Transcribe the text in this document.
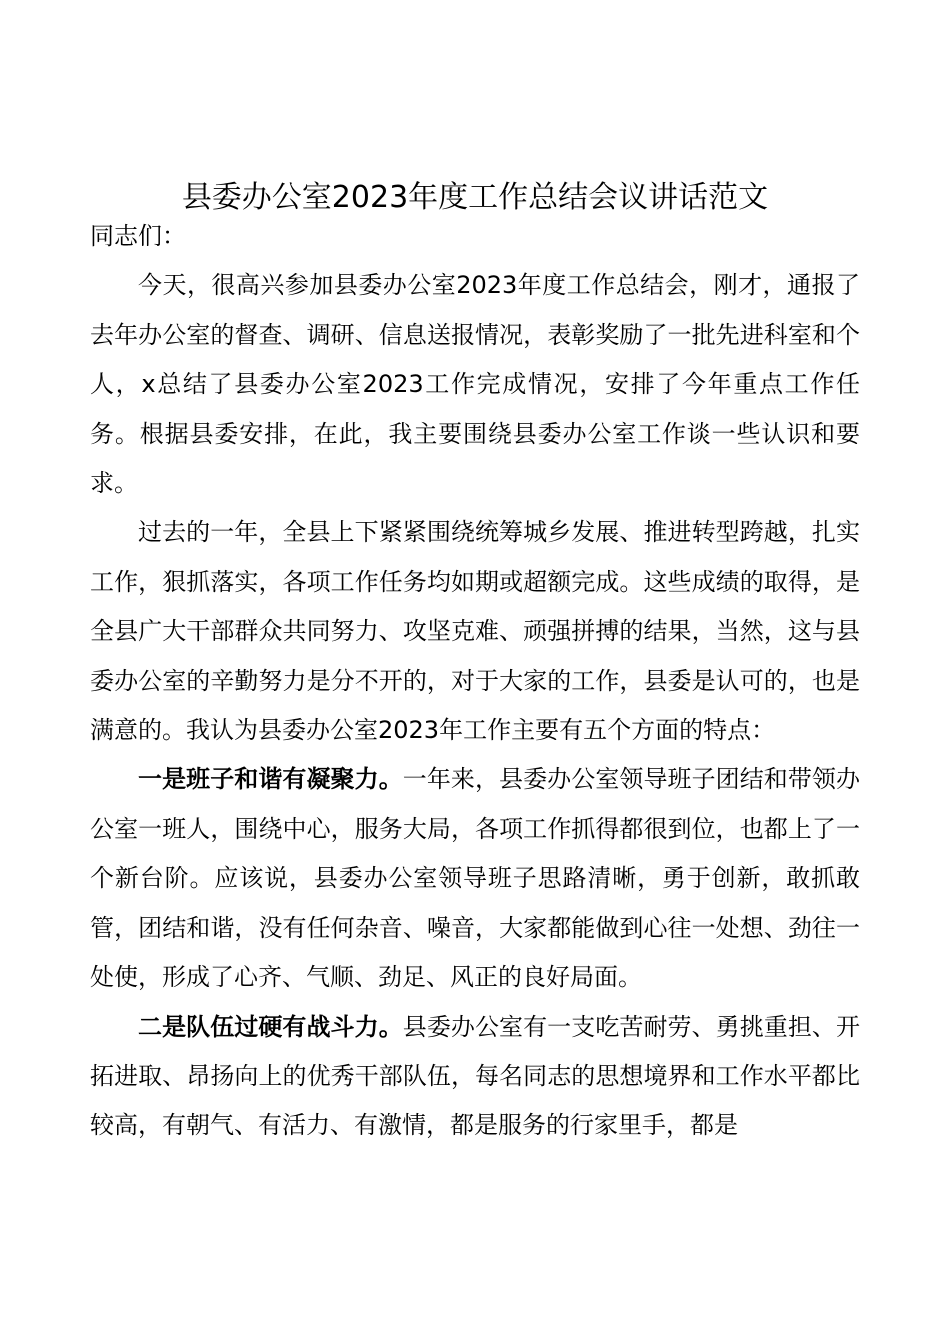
县委办公室2023年度工作总结会议讲话范文

同志们：

今天，很高兴参加县委办公室2023年度工作总结会，刚才，通报了去年办公室的督查、调研、信息送报情况，表彰奖励了一批先进科室和个人，x总结了县委办公室2023工作完成情况，安排了今年重点工作任务。根据县委安排，在此，我主要围绕县委办公室工作谈一些认识和要求。

过去的一年，全县上下紧紧围绕统筹城乡发展、推进转型跨越，扎实工作，狠抓落实，各项工作任务均如期或超额完成。这些成绩的取得，是全县广大干部群众共同努力、攻坚克难、顽强拼搏的结果，当然，这与县委办公室的辛勤努力是分不开的，对于大家的工作，县委是认可的，也是满意的。我认为县委办公室2023年工作主要有五个方面的特点：

一是班子和谐有凝聚力。一年来，县委办公室领导班子团结和带领办公室一班人，围绕中心，服务大局，各项工作抓得都很到位，也都上了一个新台阶。应该说，县委办公室领导班子思路清晰，勇于创新，敢抓敢管，团结和谐，没有任何杂音、噪音，大家都能做到心往一处想、劲往一处使，形成了心齐、气顺、劲足、风正的良好局面。

二是队伍过硬有战斗力。县委办公室有一支吃苦耐劳、勇挑重担、开拓进取、昂扬向上的优秀干部队伍，每名同志的思想境界和工作水平都比较高，有朝气、有活力、有激情，都是服务的行家里手，都是
